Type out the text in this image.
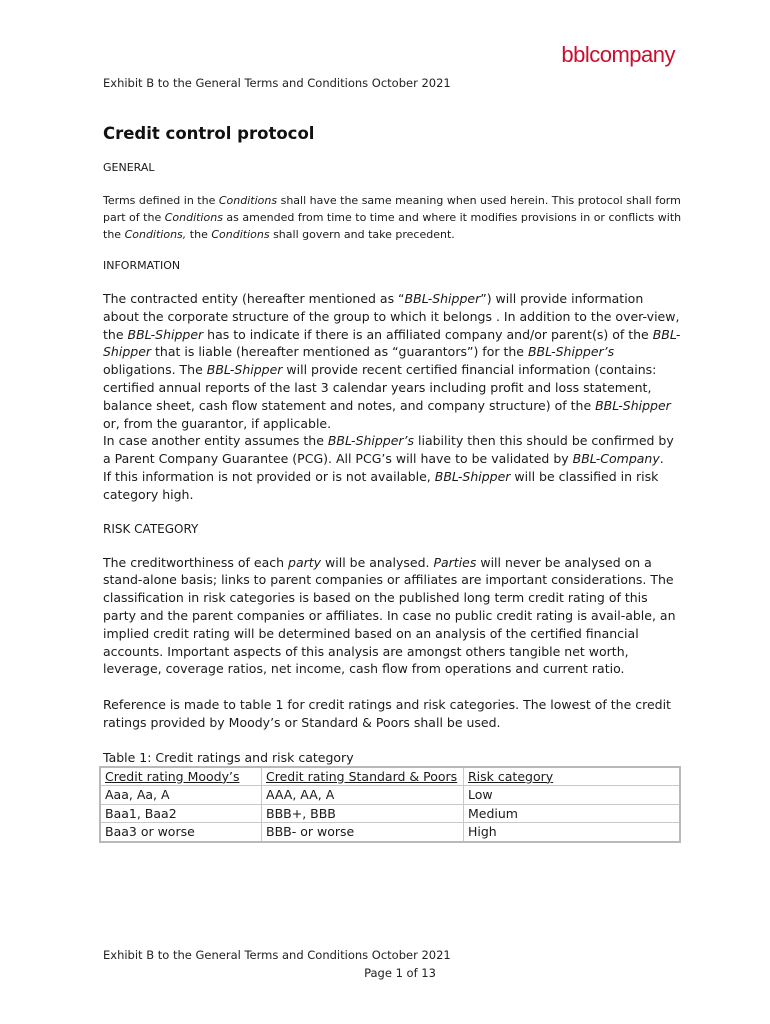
bblcompany
Exhibit B to the General Terms and Conditions October 2021
Credit control protocol
GENERAL
Terms defined in the Conditions shall have the same meaning when used herein. This protocol shall form part of the Conditions as amended from time to time and where it modifies provisions in or conflicts with the Conditions, the Conditions shall govern and take precedent.
INFORMATION

The contracted entity (hereafter mentioned as “BBL-Shipper”) will provide information about the corporate structure of the group to which it belongs . In addition to the over-view, the BBL-Shipper has to indicate if there is an affiliated company and/or parent(s) of the BBL-Shipper that is liable (hereafter mentioned as “guarantors”) for the BBL-Shipper’s obligations. The BBL-Shipper will provide recent certified financial information (contains: certified annual reports of the last 3 calendar years including profit and loss statement, balance sheet, cash flow statement and notes, and company structure) of the BBL-Shipper or, from the guarantor, if applicable.

In case another entity assumes the BBL-Shipper’s liability then this should be confirmed by a Parent Company Guarantee (PCG). All PCG’s will have to be validated by BBL-Company.

If this information is not provided or is not available, BBL-Shipper will be classified in risk category high.

RISK CATEGORY
The creditworthiness of each party will be analysed. Parties will never be analysed on a stand-alone basis; links to parent companies or affiliates are important considerations. The classification in risk categories is based on the published long term credit rating of this party and the parent companies or affiliates. In case no public credit rating is avail-able, an implied credit rating will be determined based on an analysis of the certified financial accounts. Important aspects of this analysis are amongst others tangible net worth, leverage, coverage ratios, net income, cash flow from operations and current ratio.
Reference is made to table 1 for credit ratings and risk categories. The lowest of the credit ratings provided by Moody’s or Standard & Poors shall be used.
Table 1: Credit ratings and risk category
Credit rating Moody’s	Credit rating Standard & Poors	Risk category
Aaa, Aa, A	AAA, AA, A	Low
Baa1, Baa2	BBB+, BBB	Medium
Baa3 or worse	BBB- or worse	High
Exhibit B to the General Terms and Conditions October 2021
Page 1 of 13
